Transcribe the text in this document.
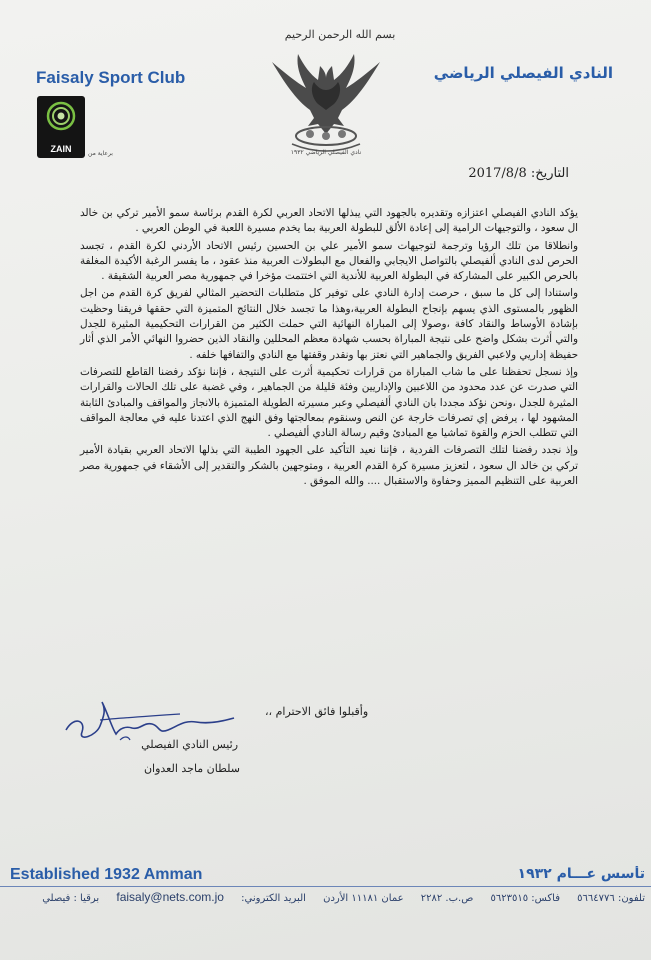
بسم الله الرحمن الرحيم
Faisaly Sport Club	النادي الفيصلي الرياضي
نادي الفيصلي الرياضي ١٩٣٢
ZAIN	برعاية من
التاريخ: 2017/8/8

يؤكد النادي الفيصلي اعتزازه وتقديره بالجهود التي يبذلها الاتحاد العربي لكرة القدم برئاسة سمو الأمير تركي بن خالد ال سعود ، والتوجيهات الرامية إلى إعادة الألق للبطولة العربية بما يخدم مسيرة اللعبة في الوطن العربي .

وانطلاقا من تلك الرؤيا وترجمة لتوجيهات سمو الأمير علي بن الحسين رئيس الاتحاد الأردني لكرة القدم ، تجسد الحرص لدى النادي ألفيصلي بالتواصل الايجابي والفعال مع البطولات العربية منذ عقود ، ما يفسر الرغبة الأكيدة المغلفة بالحرص الكبير على المشاركة في البطولة العربية للأندية التي اختتمت مؤخرا في جمهورية مصر العربية الشقيقة .

واستنادا إلى كل ما سبق ، حرصت إدارة النادي على توفير كل متطلبات التحضير المثالي لفريق كرة القدم من اجل الظهور بالمستوى الذي يسهم بإنجاح البطولة العربية،وهذا ما تجسد خلال النتائج المتميزة التي حققها فريقنا وحظيت بإشادة الأوساط والنقاد كافة ،وصولا إلى المباراة النهائية التي حملت الكثير من القرارات التحكيمية المثيرة للجدل والتي أثرت بشكل واضح على نتيجة المباراة بحسب شهادة معظم المحللين والنقاد الذين حضروا النهائي الأمر الذي أثار حفيظة إداريي ولاعبي الفريق والجماهير التي نعتز بها ونقدر وقفتها مع النادي والتفافها خلفه .

وإذ نسجل تحفظنا على ما شاب المباراة من قرارات تحكيمية أثرت على النتيجة ، فإننا نؤكد رفضنا القاطع للتصرفات التي صدرت عن عدد محدود من اللاعبين والإداريين وفئة قليلة من الجماهير ، وفي غضبة على تلك الحالات والقرارات المثيرة للجدل ،ونحن نؤكد مجددا بان النادي ألفيصلي وعبر مسيرته الطويلة المتميزة بالانجاز والمواقف والمبادئ الثابتة المشهود لها ، يرفض إي تصرفات خارجة عن النص وسنقوم بمعالجتها وفق النهج الذي اعتدنا عليه في معالجة المواقف التي تتطلب الحزم والقوة تماشيا مع المبادئ وقيم رسالة النادي ألفيصلي .

وإذ نجدد رفضنا لتلك التصرفات الفردية ، فإننا نعيد التأكيد على الجهود الطيبة التي بذلها الاتحاد العربي بقيادة الأمير تركي بن خالد ال سعود ، لتعزيز مسيرة كرة القدم العربية ، ومتوجهين بالشكر والتقدير إلى الأشقاء في جمهورية مصر العربية على التنظيم المميز وحفاوة والاستقبال .... والله الموفق .

وأقبلوا فائق الاحترام ،،
رئيس النادي الفيصلي
سلطان ماجد العدوان
Established 1932 Amman	تأسس عـــام ١٩٣٢
تلفون: ٥٦٦٤٧٧٦ فاكس: ٥٦٢٣٥١٥ ص.ب. ٢٢٨٢ عمان ١١١٨١ الأردن البريد الكتروني: faisaly@nets.com.jo برقيا : فيصلي
